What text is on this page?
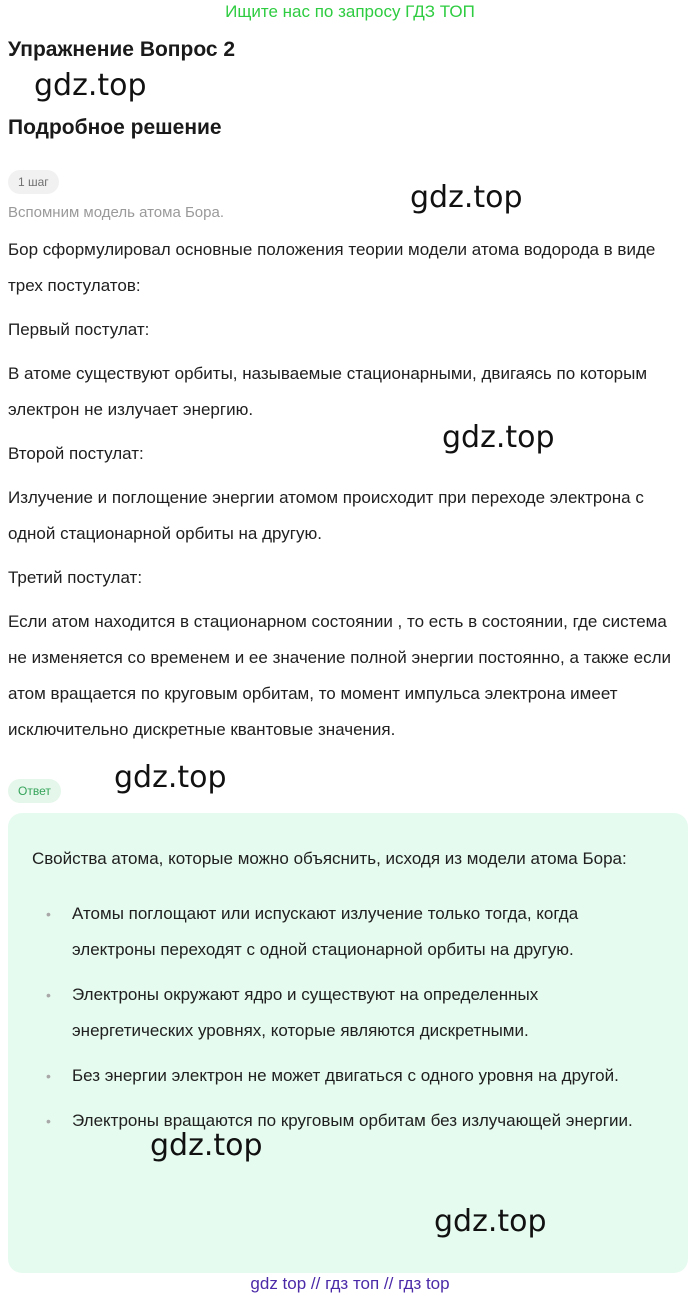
Ищите нас по запросу ГДЗ ТОП
Упражнение Вопрос 2
gdz.top
Подробное решение
1 шаг	gdz.top
Вспомним модель атома Бора.

Бор сформулировал основные положения теории модели атома водорода в виде трех постулатов:

Первый постулат:

В атоме существуют орбиты, называемые стационарными, двигаясь по которым электрон не излучает энергию.

Второй постулат:

Излучение и поглощение энергии атомом происходит при переходе электрона с одной стационарной орбиты на другую.

Третий постулат:

Если атом находится в стационарном состоянии , то есть в состоянии, где система не изменяется со временем и ее значение полной энергии постоянно, а также если атом вращается по круговым орбитам, то момент импульса электрона имеет исключительно дискретные квантовые значения.

gdz.top
Ответ	gdz.top

Свойства атома, которые можно объяснить, исходя из модели атома Бора:

• Атомы поглощают или испускают излучение только тогда, когда электроны переходят с одной стационарной орбиты на другую.
• Электроны окружают ядро и существуют на определенных энергетических уровнях, которые являются дискретными.
• Без энергии электрон не может двигаться с одного уровня на другой.
• Электроны вращаются по круговым орбитам без излучающей энергии.
gdz.top
gdz.top
gdz top // гдз топ // гдз top
